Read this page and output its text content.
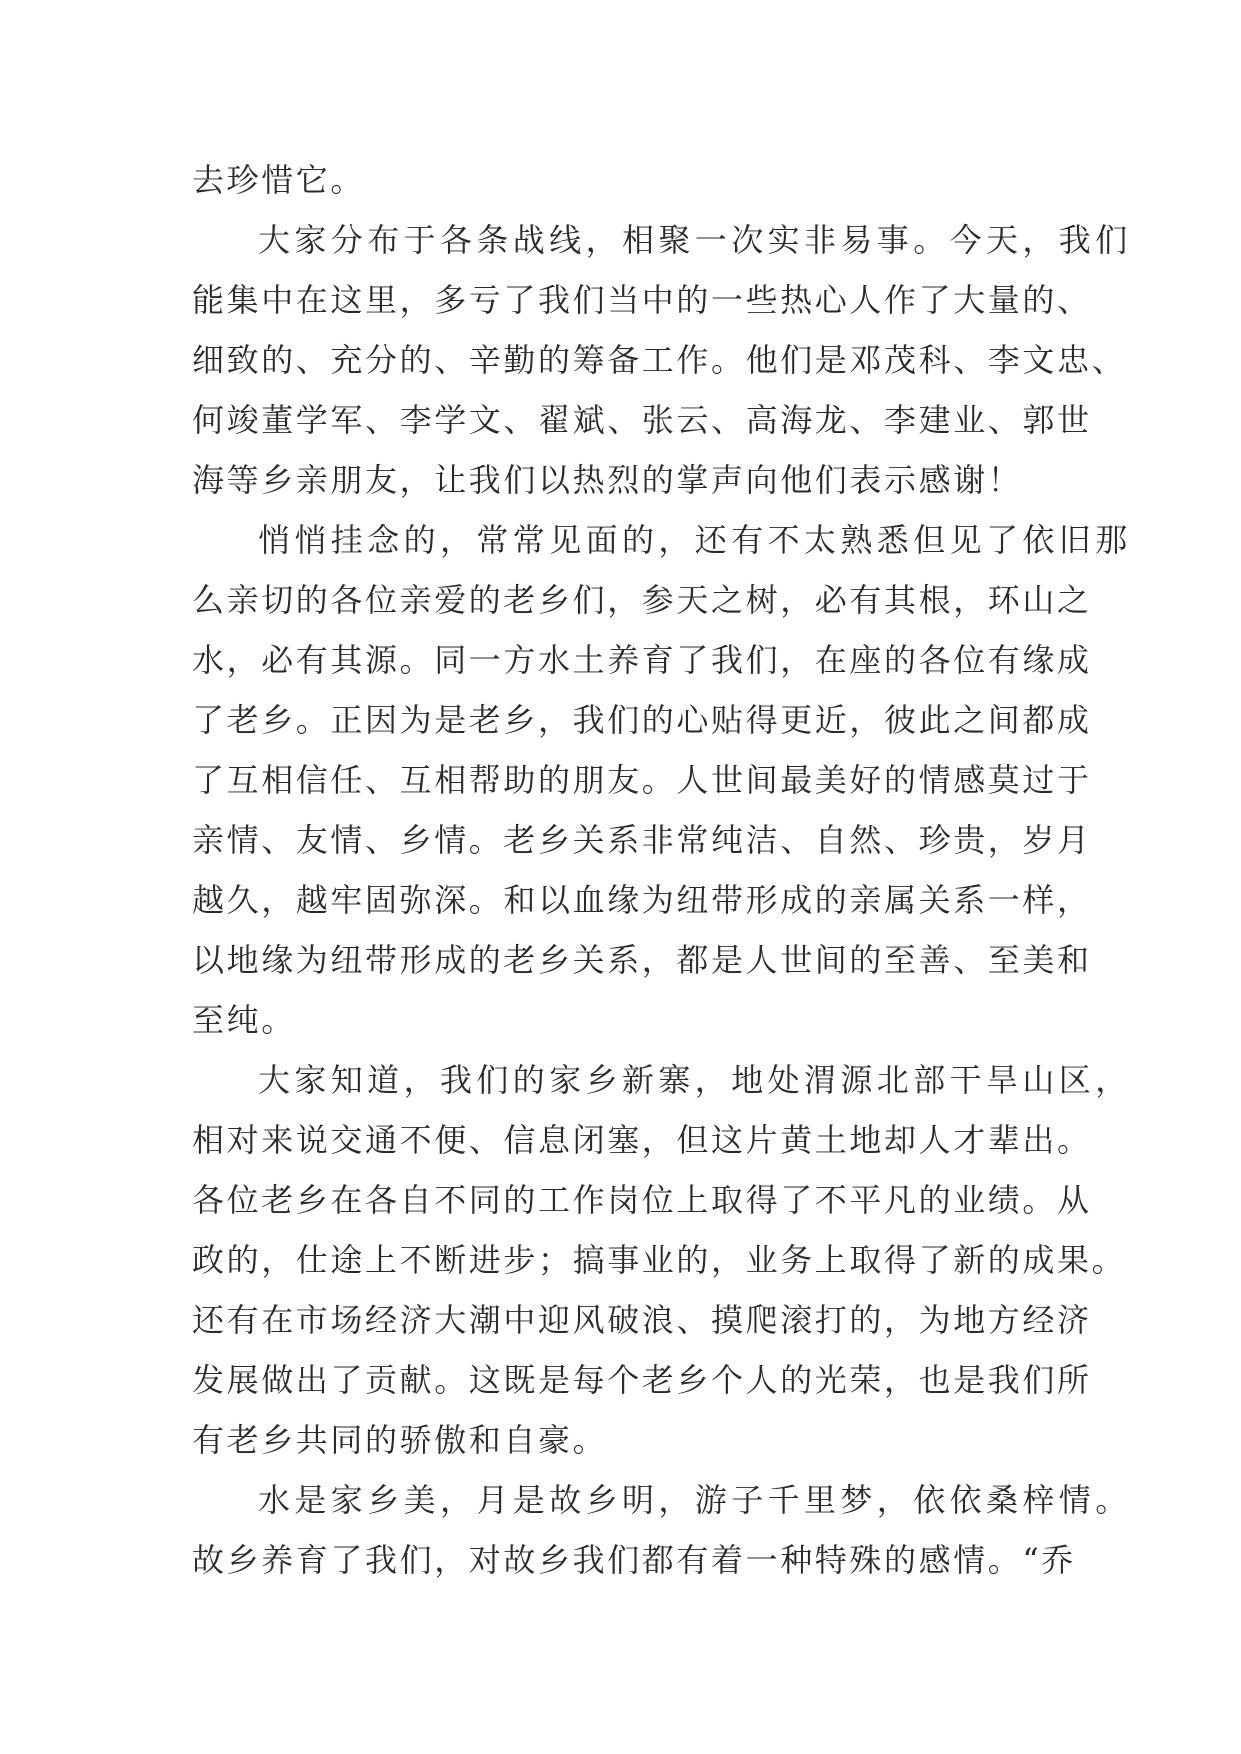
去珍惜它。
大家分布于各条战线，相聚一次实非易事。今天，我们
能集中在这里，多亏了我们当中的一些热心人作了大量的、
细致的、充分的、辛勤的筹备工作。他们是邓茂科、李文忠、
何竣董学军、李学文、翟斌、张云、高海龙、李建业、郭世
海等乡亲朋友，让我们以热烈的掌声向他们表示感谢！
悄悄挂念的，常常见面的，还有不太熟悉但见了依旧那
么亲切的各位亲爱的老乡们，参天之树，必有其根，环山之
水，必有其源。同一方水土养育了我们，在座的各位有缘成
了老乡。正因为是老乡，我们的心贴得更近，彼此之间都成
了互相信任、互相帮助的朋友。人世间最美好的情感莫过于
亲情、友情、乡情。老乡关系非常纯洁、自然、珍贵，岁月
越久，越牢固弥深。和以血缘为纽带形成的亲属关系一样，
以地缘为纽带形成的老乡关系，都是人世间的至善、至美和
至纯。
大家知道，我们的家乡新寨，地处渭源北部干旱山区，
相对来说交通不便、信息闭塞，但这片黄土地却人才辈出。
各位老乡在各自不同的工作岗位上取得了不平凡的业绩。从
政的，仕途上不断进步；搞事业的，业务上取得了新的成果。
还有在市场经济大潮中迎风破浪、摸爬滚打的，为地方经济
发展做出了贡献。这既是每个老乡个人的光荣，也是我们所
有老乡共同的骄傲和自豪。
水是家乡美，月是故乡明，游子千里梦，依依桑梓情。
故乡养育了我们，对故乡我们都有着一种特殊的感情。“乔
